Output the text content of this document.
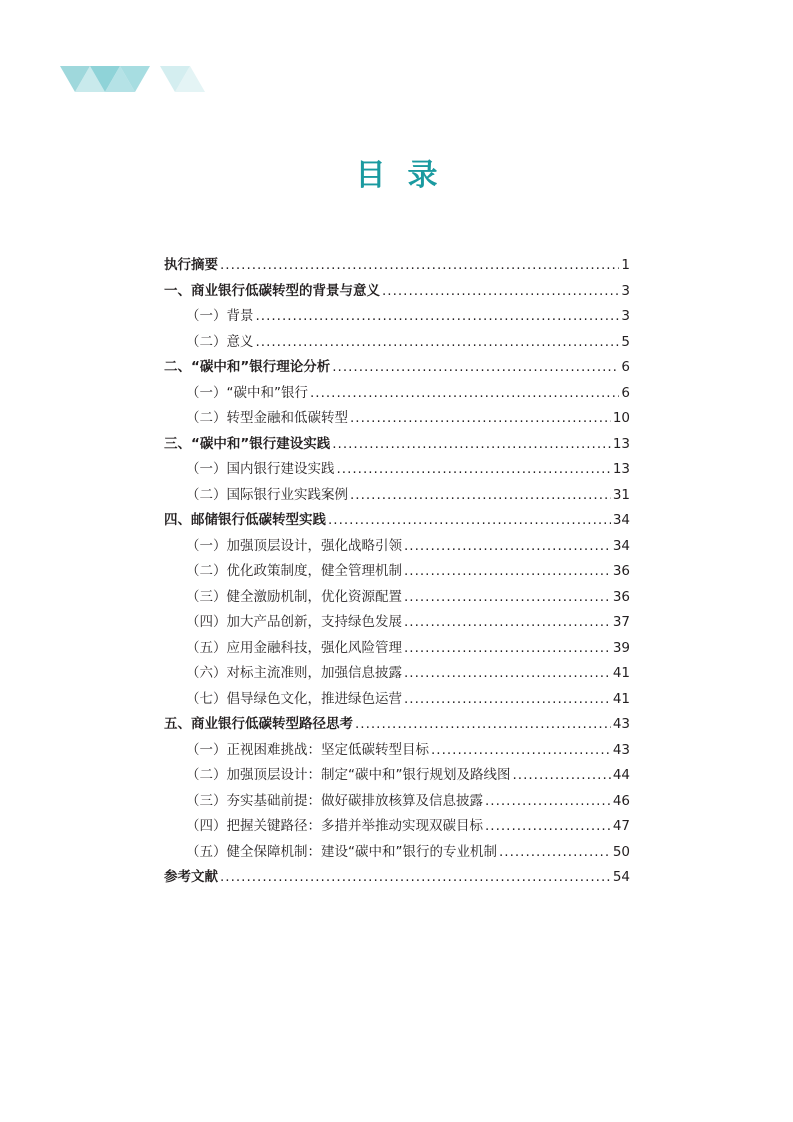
目录
执行摘要 .....	1
一、商业银行低碳转型的背景与意义 .....	3
（一）背景 .....	3
（二）意义 .....	5
二、“碳中和”银行理论分析 .....	6
（一）“碳中和”银行 .....	6
（二）转型金融和低碳转型 .....	10
三、“碳中和”银行建设实践 .....	13
（一）国内银行建设实践 .....	13
（二）国际银行业实践案例 .....	31
四、邮储银行低碳转型实践 .....	34
（一）加强顶层设计，强化战略引领 .....	34
（二）优化政策制度，健全管理机制 .....	36
（三）健全激励机制，优化资源配置 .....	36
（四）加大产品创新，支持绿色发展 .....	37
（五）应用金融科技，强化风险管理 .....	39
（六）对标主流准则，加强信息披露 .....	41
（七）倡导绿色文化，推进绿色运营 .....	41
五、商业银行低碳转型路径思考 .....	43
（一）正视困难挑战：坚定低碳转型目标 .....	43
（二）加强顶层设计：制定“碳中和”银行规划及路线图 .....	44
（三）夯实基础前提：做好碳排放核算及信息披露 .....	46
（四）把握关键路径：多措并举推动实现双碳目标 .....	47
（五）健全保障机制：建设“碳中和”银行的专业机制 .....	50
参考文献 .....	54
